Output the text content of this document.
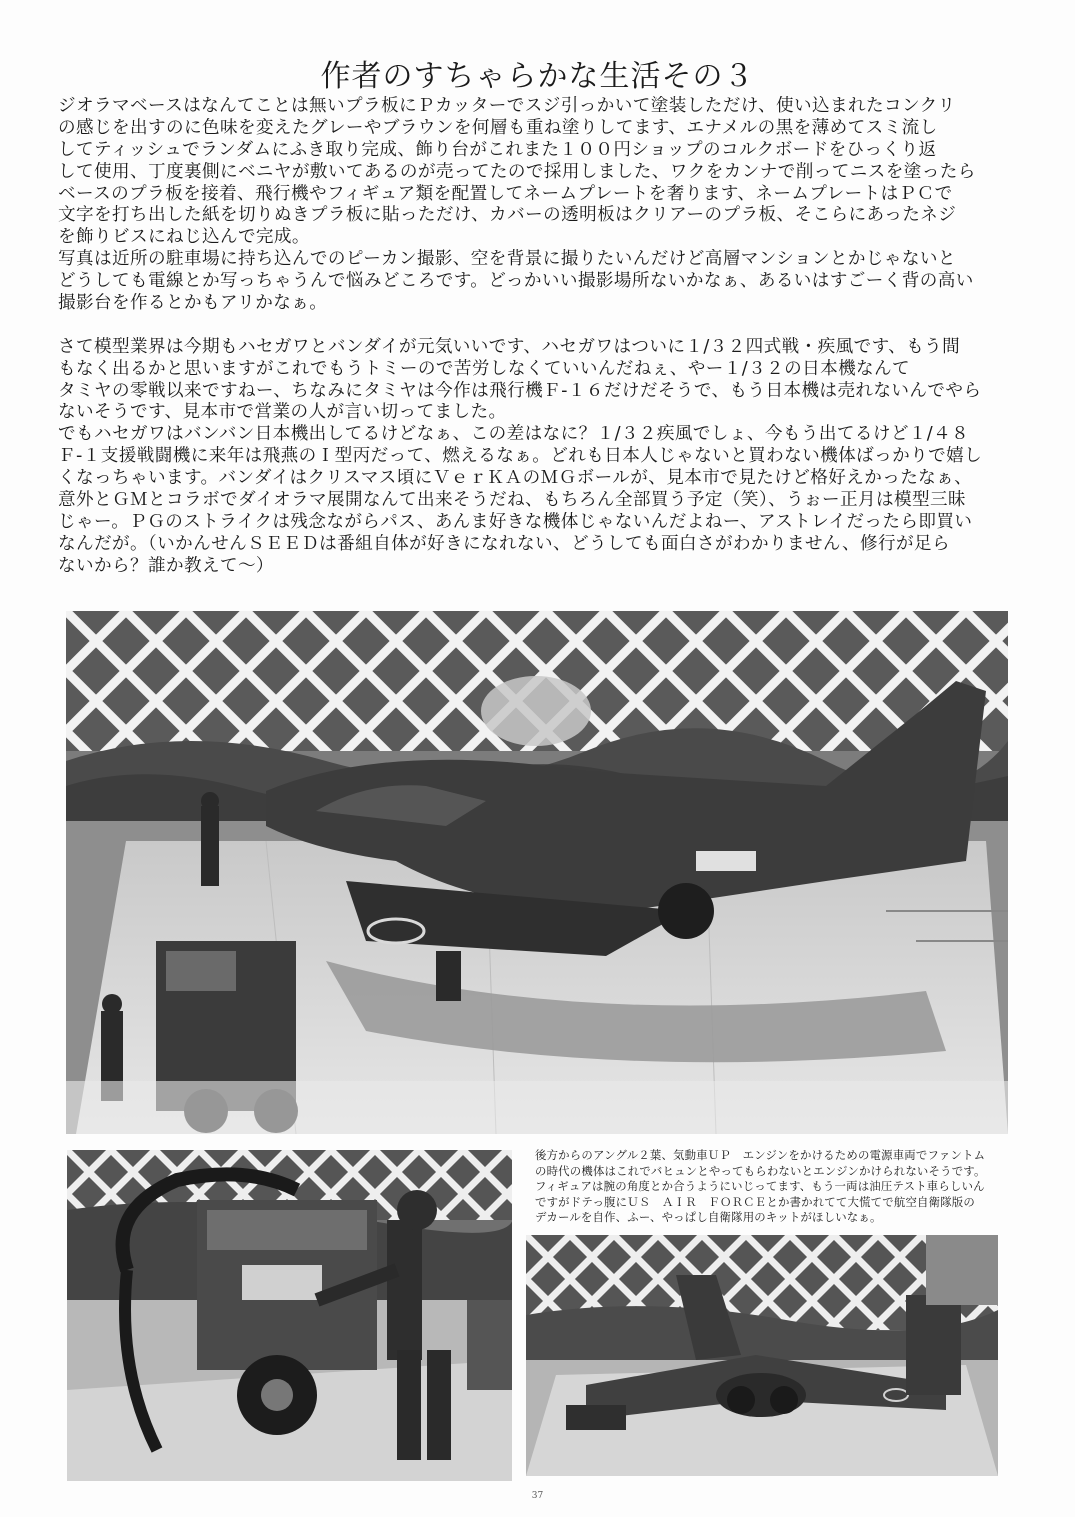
作者のすちゃらかな生活その３
ジオラマベースはなんてことは無いプラ板にＰカッターでスジ引っかいて塗装しただけ、使い込まれたコンクリ
の感じを出すのに色味を変えたグレーやブラウンを何層も重ね塗りしてます、エナメルの黒を薄めてスミ流し
してティッシュでランダムにふき取り完成、飾り台がこれまた１００円ショップのコルクボードをひっくり返
して使用、丁度裏側にベニヤが敷いてあるのが売ってたので採用しました、ワクをカンナで削ってニスを塗ったら
ベースのプラ板を接着、飛行機やフィギュア類を配置してネームプレートを奢ります、ネームプレートはＰＣで
文字を打ち出した紙を切りぬきプラ板に貼っただけ、カバーの透明板はクリアーのプラ板、そこらにあったネジ
を飾りビスにねじ込んで完成。
写真は近所の駐車場に持ち込んでのピーカン撮影、空を背景に撮りたいんだけど高層マンションとかじゃないと
どうしても電線とか写っちゃうんで悩みどころです。どっかいい撮影場所ないかなぁ、あるいはすごーく背の高い
撮影台を作るとかもアリかなぁ。
さて模型業界は今期もハセガワとバンダイが元気いいです、ハセガワはついに１/３２四式戦・疾風です、もう間
もなく出るかと思いますがこれでもうトミーので苦労しなくていいんだねぇ、やー１/３２の日本機なんて
タミヤの零戦以来ですねー、ちなみにタミヤは今作は飛行機Ｆ-１６だけだそうで、もう日本機は売れないんでやら
ないそうです、見本市で営業の人が言い切ってました。
でもハセガワはバンバン日本機出してるけどなぁ、この差はなに？１/３２疾風でしょ、今もう出てるけど１/４８
Ｆ-１支援戦闘機に来年は飛燕のＩ型丙だって、燃えるなぁ。どれも日本人じゃないと買わない機体ばっかりで嬉し
くなっちゃいます。バンダイはクリスマス頃にＶｅｒＫＡのＭＧボールが、見本市で見たけど格好えかったなぁ、
意外とＧＭとコラボでダイオラマ展開なんて出来そうだね、もちろん全部買う予定（笑）、うぉー正月は模型三昧
じゃー。ＰＧのストライクは残念ながらパス、あんま好きな機体じゃないんだよねー、アストレイだったら即買い
なんだが。（いかんせんＳＥＥＤは番組自体が好きになれない、どうしても面白さがわかりません、修行が足ら
ないから？誰か教えて～）
後方からのアングル２葉、気動車ＵＰ　エンジンをかけるための電源車両でファントム
の時代の機体はこれでバヒュンとやってもらわないとエンジンかけられないそうです。
フィギュアは腕の角度とか合うようにいじってます、もう一両は油圧テスト車らしいん
ですがドテっ腹にＵＳ　ＡＩＲ　ＦＯＲＣＥとか書かれてて大慌てで航空自衛隊版の
デカールを自作、ふー、やっぱし自衛隊用のキットがほしいなぁ。
37
